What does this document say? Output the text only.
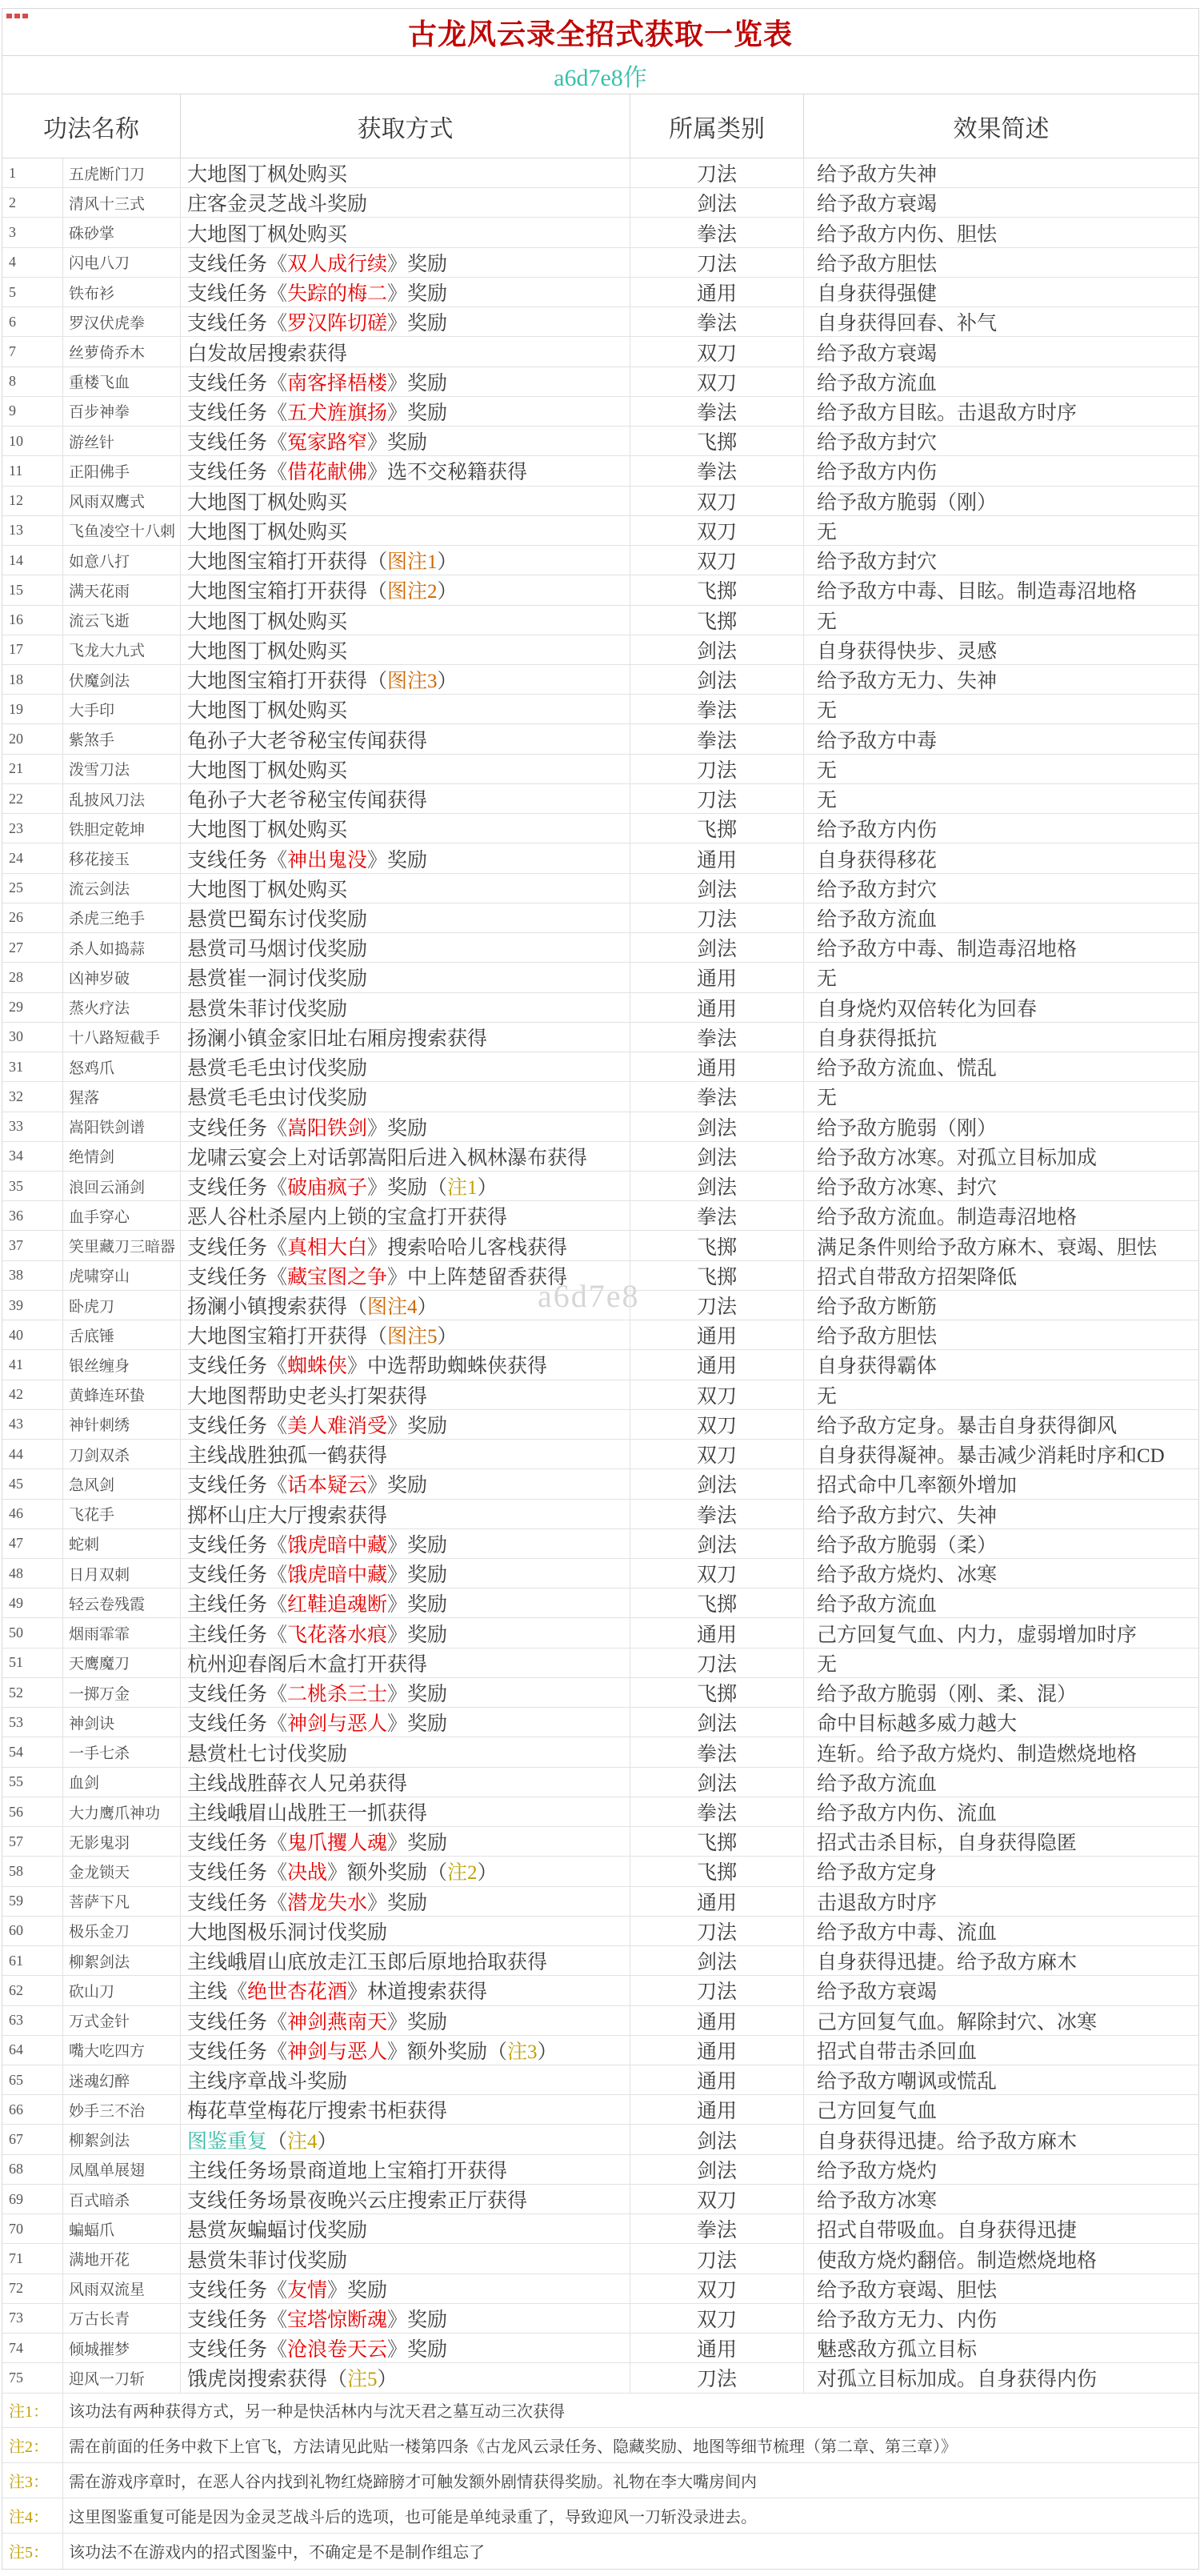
a6d7e8
古龙风云录全招式获取一览表
a6d7e8作
功法名称	获取方式	所属类别	效果简述
1	五虎断门刀	大地图丁枫处购买	刀法	给予敌方失神
2	清风十三式	庄客金灵芝战斗奖励	剑法	给予敌方衰竭
3	硃砂掌	大地图丁枫处购买	拳法	给予敌方内伤、胆怯
4	闪电八刀	支线任务《 双人成行续 》奖励	刀法	给予敌方胆怯
5	铁布衫	支线任务《 失踪的梅二 》奖励	通用	自身获得强健
6	罗汉伏虎拳	支线任务《 罗汉阵切磋 》奖励	拳法	自身获得回春、补气
7	丝萝倚乔木	白发故居搜索获得	双刀	给予敌方衰竭
8	重楼飞血	支线任务《 南客择梧楼 》奖励	双刀	给予敌方流血
9	百步神拳	支线任务《 五犬旌旗扬 》奖励	拳法	给予敌方目眩。击退敌方时序
10	游丝针	支线任务《 冤家路窄 》奖励	飞掷	给予敌方封穴
11	正阳佛手	支线任务《 借花献佛 》选不交秘籍获得	拳法	给予敌方内伤
12	风雨双鹰式	大地图丁枫处购买	双刀	给予敌方脆弱（刚）
13	飞鱼凌空十八刺 大地图丁枫处购买	双刀	无
14	如意八打	大地图宝箱打开获得（ 图注1 ）	双刀	给予敌方封穴
15	满天花雨	大地图宝箱打开获得（ 图注2 ）	飞掷	给予敌方中毒、目眩。制造毒沼地格
16	流云飞逝	大地图丁枫处购买	飞掷	无
17	飞龙大九式	大地图丁枫处购买	剑法	自身获得快步、灵感
18	伏魔剑法	大地图宝箱打开获得（ 图注3 ）	剑法	给予敌方无力、失神
19	大手印	大地图丁枫处购买	拳法	无
20	紫煞手	龟孙子大老爷秘宝传闻获得	拳法	给予敌方中毒
21	泼雪刀法	大地图丁枫处购买	刀法	无
22	乱披风刀法	龟孙子大老爷秘宝传闻获得	刀法	无
23	铁胆定乾坤	大地图丁枫处购买	飞掷	给予敌方内伤
24	移花接玉	支线任务《 神出鬼没 》奖励	通用	自身获得移花
25	流云剑法	大地图丁枫处购买	剑法	给予敌方封穴
26	杀虎三绝手	悬赏巴蜀东讨伐奖励	刀法	给予敌方流血
27	杀人如捣蒜	悬赏司马烟讨伐奖励	剑法	给予敌方中毒、制造毒沼地格
28	凶神岁破	悬赏崔一洞讨伐奖励	通用	无
29	蒸火疗法	悬赏朱菲讨伐奖励	通用	自身烧灼双倍转化为回春
30	十八路短截手	扬澜小镇金家旧址右厢房搜索获得	拳法	自身获得抵抗
31	怒鸡爪	悬赏毛毛虫讨伐奖励	通用	给予敌方流血、慌乱
32	猩落	悬赏毛毛虫讨伐奖励	拳法	无
33	嵩阳铁剑谱	支线任务《 嵩阳铁剑 》奖励	剑法	给予敌方脆弱（刚）
34	绝情剑	龙啸云宴会上对话郭嵩阳后进入枫林瀑布获得	剑法	给予敌方冰寒。对孤立目标加成
35	浪回云涌剑	支线任务《 破庙疯子 》奖励（ 注1 ）	剑法	给予敌方冰寒、封穴
36	血手穿心	恶人谷杜杀屋内上锁的宝盒打开获得	拳法	给予敌方流血。制造毒沼地格
37	笑里藏刀三暗器 支线任务《 真相大白 》搜索哈哈儿客栈获得	飞掷	满足条件则给予敌方麻木、衰竭、胆怯
38	虎啸穿山	支线任务《 藏宝图之争 》中上阵楚留香获得	飞掷	招式自带敌方招架降低
39	卧虎刀	扬澜小镇搜索获得（ 图注4 ）	刀法	给予敌方断筋
40	舌底锤	大地图宝箱打开获得（ 图注5 ）	通用	给予敌方胆怯
41	银丝缠身	支线任务《 蜘蛛侠 》中选帮助蜘蛛侠获得	通用	自身获得霸体
42	黄蜂连环蛰	大地图帮助史老头打架获得	双刀	无
43	神针刺绣	支线任务《 美人难消受 》奖励	双刀	给予敌方定身。暴击自身获得御风
44	刀剑双杀	主线战胜独孤一鹤获得	双刀	自身获得凝神。暴击减少消耗时序和CD
45	急风剑	支线任务《 话本疑云 》奖励	剑法	招式命中几率额外增加
46	飞花手	掷杯山庄大厅搜索获得	拳法	给予敌方封穴、失神
47	蛇刺	支线任务《 饿虎暗中藏 》奖励	剑法	给予敌方脆弱（柔）
48	日月双刺	支线任务《 饿虎暗中藏 》奖励	双刀	给予敌方烧灼、冰寒
49	轻云卷残霞	主线任务《 红鞋追魂断 》奖励	飞掷	给予敌方流血
50	烟雨霏霏	主线任务《 飞花落水痕 》奖励	通用	己方回复气血、内力，虚弱增加时序
51	天鹰魔刀	杭州迎春阁后木盒打开获得	刀法	无
52	一掷万金	支线任务《 二桃杀三士 》奖励	飞掷	给予敌方脆弱（刚、柔、混）
53	神剑诀	支线任务《 神剑与恶人 》奖励	剑法	命中目标越多威力越大
54	一手七杀	悬赏杜七讨伐奖励	拳法	连斩。给予敌方烧灼、制造燃烧地格
55	血剑	主线战胜薛衣人兄弟获得	剑法	给予敌方流血
56	大力鹰爪神功	主线峨眉山战胜王一抓获得	拳法	给予敌方内伤、流血
57	无影鬼羽	支线任务《 鬼爪攫人魂 》奖励	飞掷	招式击杀目标，自身获得隐匿
58	金龙锁天	支线任务《 决战 》额外奖励（ 注2 ）	飞掷	给予敌方定身
59	菩萨下凡	支线任务《 潜龙失水 》奖励	通用	击退敌方时序
60	极乐金刀	大地图极乐洞讨伐奖励	刀法	给予敌方中毒、流血
61	柳絮剑法	主线峨眉山底放走江玉郎后原地拾取获得	剑法	自身获得迅捷。给予敌方麻木
62	砍山刀	主线《 绝世杏花酒 》林道搜索获得	刀法	给予敌方衰竭
63	万式金针	支线任务《 神剑燕南天 》奖励	通用	己方回复气血。解除封穴、冰寒
64	嘴大吃四方	支线任务《 神剑与恶人 》额外奖励（ 注3 ）	通用	招式自带击杀回血
65	迷魂幻醉	主线序章战斗奖励	通用	给予敌方嘲讽或慌乱
66	妙手三不治	梅花草堂梅花厅搜索书柜获得	通用	己方回复气血
67	柳絮剑法	图鉴重复 （ 注4 ）	剑法	自身获得迅捷。给予敌方麻木
68	凤凰单展翅	主线任务场景商道地上宝箱打开获得	剑法	给予敌方烧灼
69	百式暗杀	支线任务场景夜晚兴云庄搜索正厅获得	双刀	给予敌方冰寒
70	蝙蝠爪	悬赏灰蝙蝠讨伐奖励	拳法	招式自带吸血。自身获得迅捷
71	满地开花	悬赏朱菲讨伐奖励	刀法	使敌方烧灼翻倍。制造燃烧地格
72	风雨双流星	支线任务《 友情 》奖励	双刀	给予敌方衰竭、胆怯
73	万古长青	支线任务《 宝塔惊断魂 》奖励	双刀	给予敌方无力、内伤
74	倾城摧梦	支线任务《 沧浪卷天云 》奖励	通用	魅惑敌方孤立目标
75	迎风一刀斩	饿虎岗搜索获得（ 注5 ）	刀法	对孤立目标加成。自身获得内伤
注1：	该功法有两种获得方式，另一种是快活林内与沈天君之墓互动三次获得
注2：	需在前面的任务中救下上官飞，方法请见此贴一楼第四条《古龙风云录任务、隐藏奖励、地图等细节梳理（第二章、第三章）》
注3：	需在游戏序章时，在恶人谷内找到礼物红烧蹄膀才可触发额外剧情获得奖励。礼物在李大嘴房间内
注4：	这里图鉴重复可能是因为金灵芝战斗后的选项，也可能是单纯录重了，导致迎风一刀斩没录进去。
注5：	该功法不在游戏内的招式图鉴中，不确定是不是制作组忘了
